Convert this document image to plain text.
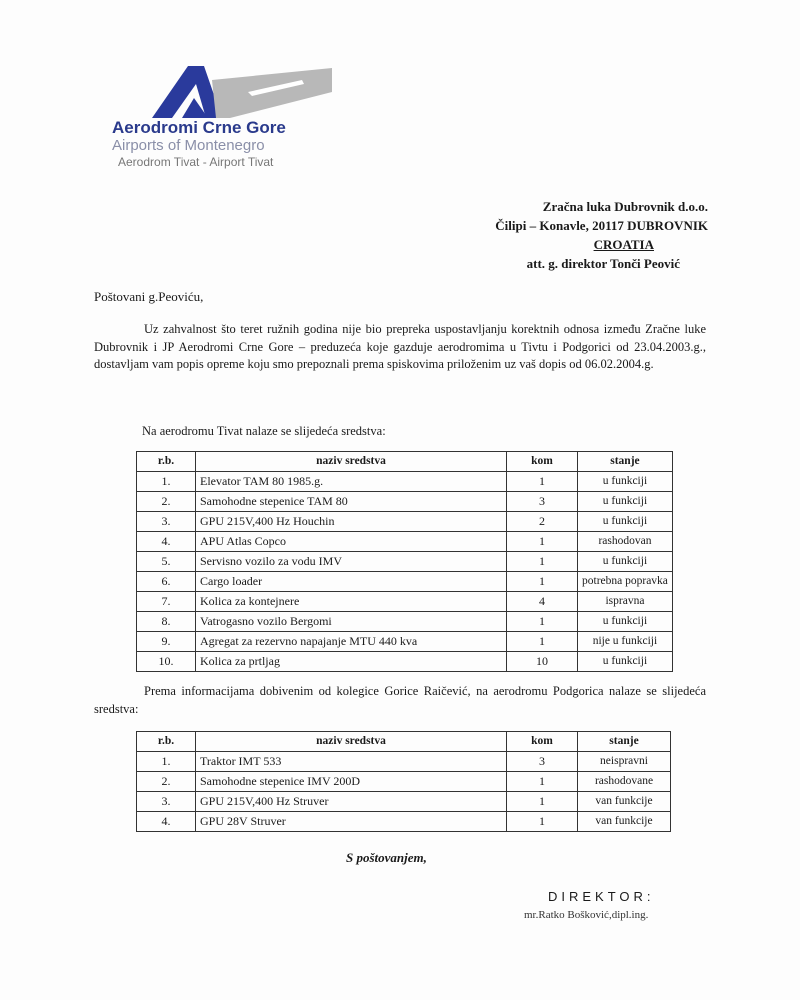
Aerodromi Crne Gore
Airports of Montenegro
Aerodrom Tivat - Airport Tivat
Zračna luka Dubrovnik d.o.o.
Čilipi – Konavle, 20117 DUBROVNIK
CROATIA
att. g. direktor Tonči Peović
Poštovani g.Peoviću,
Uz zahvalnost što teret ružnih godina nije bio prepreka uspostavljanju korektnih odnosa između Zračne luke Dubrovnik i JP Aerodromi Crne Gore – preduzeća koje gazduje aerodromima u Tivtu i Podgorici od 23.04.2003.g., dostavljam vam popis opreme koju smo prepoznali prema spiskovima priloženim uz vaš dopis od 06.02.2004.g.
Na aerodromu Tivat nalaze se slijedeća sredstva:
r.b.	naziv sredstva	kom	stanje
1.	Elevator TAM 80 1985.g.	1	u funkciji
2.	Samohodne stepenice TAM 80	3	u funkciji
3.	GPU 215V,400 Hz Houchin	2	u funkciji
4.	APU Atlas Copco	1	rashodovan
5.	Servisno vozilo za vodu IMV	1	u funkciji
6.	Cargo loader	1	potrebna popravka
7.	Kolica za kontejnere	4	ispravna
8.	Vatrogasno vozilo Bergomi	1	u funkciji
9.	Agregat za rezervno napajanje MTU 440 kva	1	nije u funkciji
10.	Kolica za prtljag	10	u funkciji
Prema informacijama dobivenim od kolegice Gorice Raičević, na aerodromu Podgorica nalaze se slijedeća sredstva:
r.b.	naziv sredstva	kom	stanje
1.	Traktor IMT 533	3	neispravni
2.	Samohodne stepenice IMV 200D	1	rashodovane
3.	GPU 215V,400 Hz Struver	1	van funkcije
4.	GPU 28V Struver	1	van funkcije
S poštovanjem,
DIREKTOR:
mr.Ratko Bošković,dipl.ing.
